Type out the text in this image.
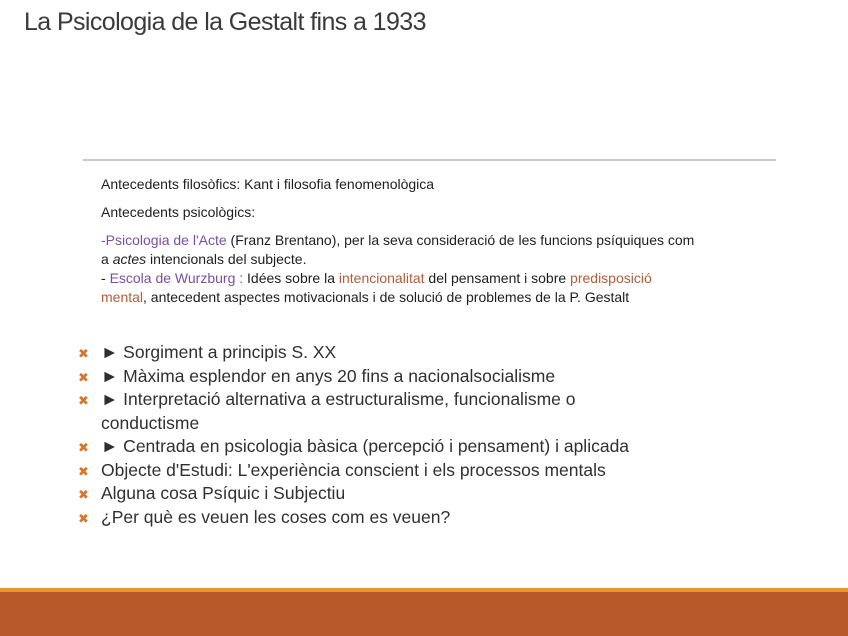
La Psicologia de la Gestalt fins a 1933

Antecedents filosòfics: Kant i filosofia fenomenològica

Antecedents psicològics:

-Psicologia de l'Acte (Franz Brentano), per la seva consideració de les funcions psíquiques com a actes intencionals del subjecte.

- Escola de Wurzburg : Idées sobre la intencionalitat del pensament i sobre predisposició mental, antecedent aspectes motivacionals i de solució de problemes de la P. Gestalt

✖ ► Sorgiment a principis S. XX
✖ ► Màxima esplendor en anys 20 fins a nacionalsocialisme
✖ ► Interpretació alternativa a estructuralisme, funcionalisme o conductisme
✖ ► Centrada en psicologia bàsica (percepció i pensament) i aplicada
✖ Objecte d'Estudi: L'experiència conscient i els processos mentals
✖ Alguna cosa Psíquic i Subjectiu
✖ ¿Per què es veuen les coses com es veuen?
